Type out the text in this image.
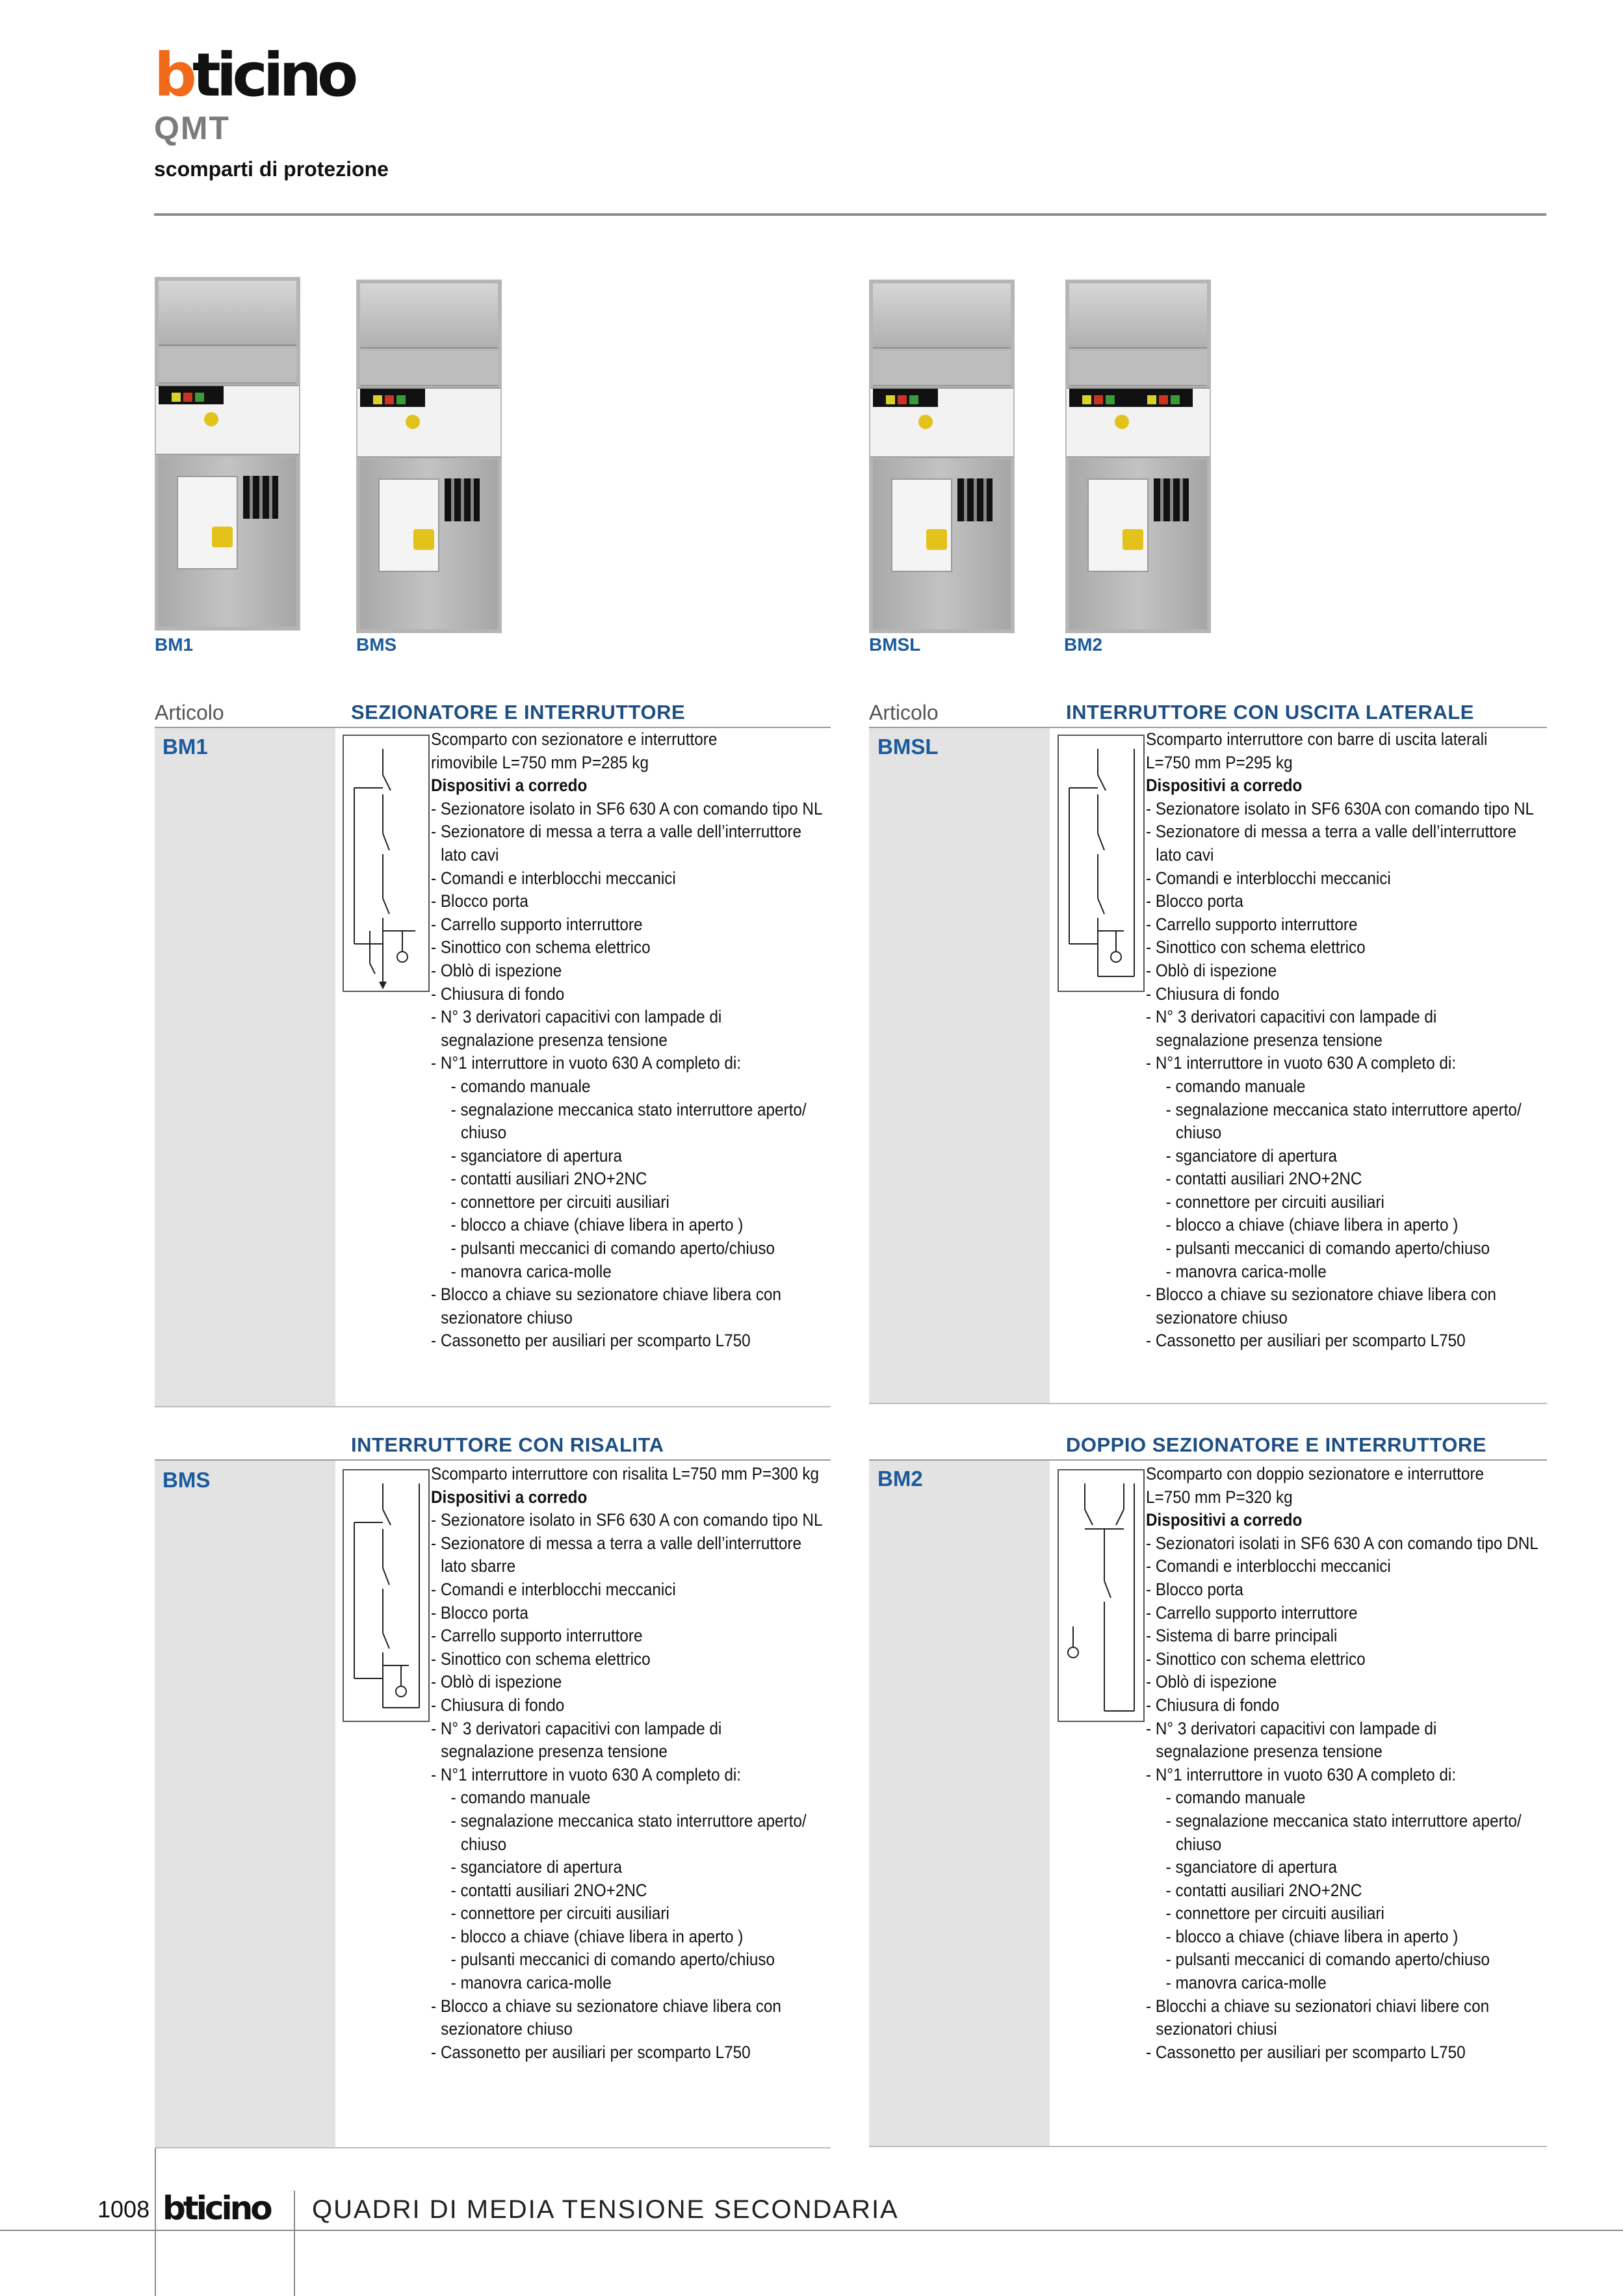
bticino
QMT
scomparti di protezione
BM1	BMS	BMSL	BM2
Articolo	SEZIONATORE E INTERRUTTORE
BM1	Scomparto con sezionatore e interruttore
rimovibile L=750 mm P=285 kg
Dispositivi a corredo
- Sezionatore isolato in SF6 630 A con comando tipo NL
- Sezionatore di messa a terra a valle dell’interruttore
lato cavi
- Comandi e interblocchi meccanici
- Blocco porta
- Carrello supporto interruttore
- Sinottico con schema elettrico
- Oblò di ispezione
- Chiusura di fondo
- N° 3 derivatori capacitivi con lampade di
segnalazione presenza tensione
- N°1 interruttore in vuoto 630 A completo di:
- comando manuale
- segnalazione meccanica stato interruttore aperto/
chiuso
- sganciatore di apertura
- contatti ausiliari 2NO+2NC
- connettore per circuiti ausiliari
- blocco a chiave (chiave libera in aperto )
- pulsanti meccanici di comando aperto/chiuso
- manovra carica-molle
- Blocco a chiave su sezionatore chiave libera con
sezionatore chiuso
- Cassonetto per ausiliari per scomparto L750
Articolo	INTERRUTTORE CON USCITA LATERALE
BMSL	Scomparto interruttore con barre di uscita laterali
L=750 mm P=295 kg
Dispositivi a corredo
- Sezionatore isolato in SF6 630A con comando tipo NL
- Sezionatore di messa a terra a valle dell’interruttore
lato cavi
- Comandi e interblocchi meccanici
- Blocco porta
- Carrello supporto interruttore
- Sinottico con schema elettrico
- Oblò di ispezione
- Chiusura di fondo
- N° 3 derivatori capacitivi con lampade di
segnalazione presenza tensione
- N°1 interruttore in vuoto 630 A completo di:
- comando manuale
- segnalazione meccanica stato interruttore aperto/
chiuso
- sganciatore di apertura
- contatti ausiliari 2NO+2NC
- connettore per circuiti ausiliari
- blocco a chiave (chiave libera in aperto )
- pulsanti meccanici di comando aperto/chiuso
- manovra carica-molle
- Blocco a chiave su sezionatore chiave libera con
sezionatore chiuso
- Cassonetto per ausiliari per scomparto L750
INTERRUTTORE CON RISALITA
BMS	Scomparto interruttore con risalita L=750 mm P=300 kg
Dispositivi a corredo
- Sezionatore isolato in SF6 630 A con comando tipo NL
- Sezionatore di messa a terra a valle dell’interruttore
lato sbarre
- Comandi e interblocchi meccanici
- Blocco porta
- Carrello supporto interruttore
- Sinottico con schema elettrico
- Oblò di ispezione
- Chiusura di fondo
- N° 3 derivatori capacitivi con lampade di
segnalazione presenza tensione
- N°1 interruttore in vuoto 630 A completo di:
- comando manuale
- segnalazione meccanica stato interruttore aperto/
chiuso
- sganciatore di apertura
- contatti ausiliari 2NO+2NC
- connettore per circuiti ausiliari
- blocco a chiave (chiave libera in aperto )
- pulsanti meccanici di comando aperto/chiuso
- manovra carica-molle
- Blocco a chiave su sezionatore chiave libera con
sezionatore chiuso
- Cassonetto per ausiliari per scomparto L750
DOPPIO SEZIONATORE E INTERRUTTORE
BM2	Scomparto con doppio sezionatore e interruttore
L=750 mm P=320 kg
Dispositivi a corredo
- Sezionatori isolati in SF6 630 A con comando tipo DNL
- Comandi e interblocchi meccanici
- Blocco porta
- Carrello supporto interruttore
- Sistema di barre principali
- Sinottico con schema elettrico
- Oblò di ispezione
- Chiusura di fondo
- N° 3 derivatori capacitivi con lampade di
segnalazione presenza tensione
- N°1 interruttore in vuoto 630 A completo di:
- comando manuale
- segnalazione meccanica stato interruttore aperto/
chiuso
- sganciatore di apertura
- contatti ausiliari 2NO+2NC
- connettore per circuiti ausiliari
- blocco a chiave (chiave libera in aperto )
- pulsanti meccanici di comando aperto/chiuso
- manovra carica-molle
- Blocchi a chiave su sezionatori chiavi libere con
sezionatori chiusi
- Cassonetto per ausiliari per scomparto L750
1008 bticino QUADRI DI MEDIA TENSIONE SECONDARIA
